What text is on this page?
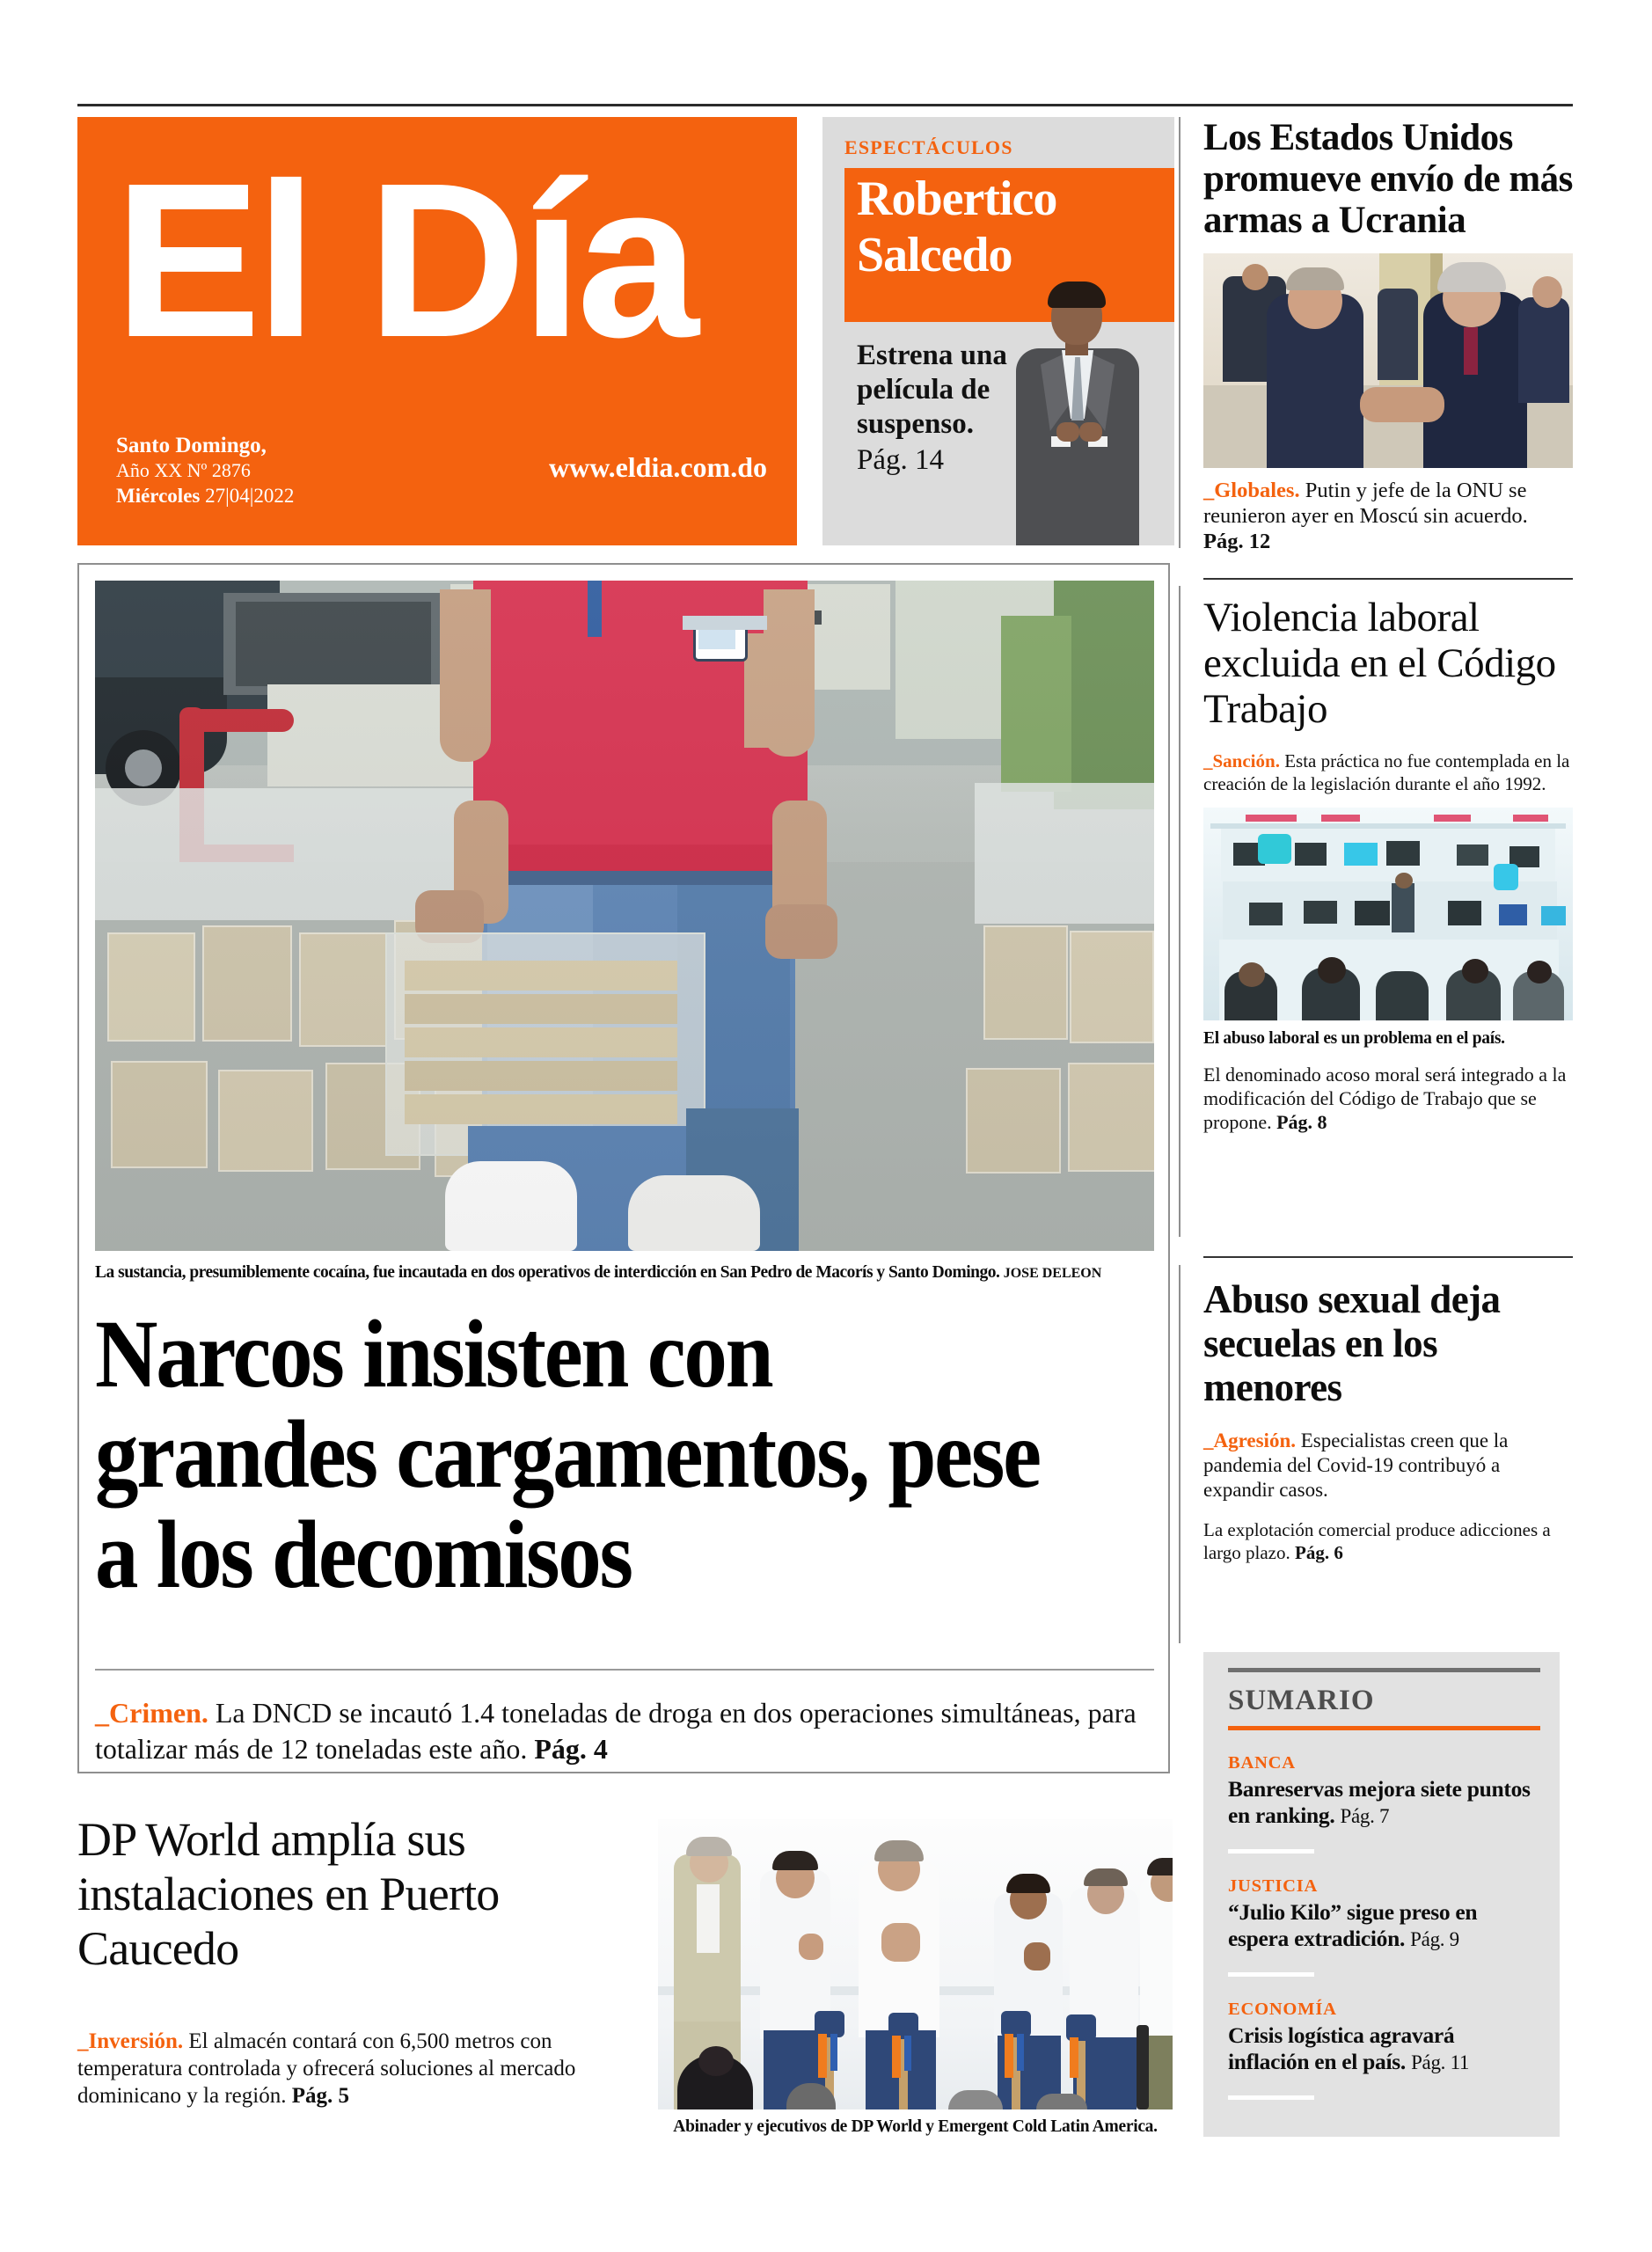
El Día
Santo Domingo,
Año XX Nº 2876
Miércoles 27|04|2022
www.eldia.com.do
ESPECTÁCULOS
Robertico
Salcedo
Estrena una película de suspenso.
Pág. 14
Los Estados Unidos promueve envío de más armas a Ucrania
_Globales. Putin y jefe de la ONU se reunieron ayer en Moscú sin acuerdo. Pág. 12
Violencia laboral excluida en el Código Trabajo
_Sanción. Esta práctica no fue contemplada en la creación de la legislación durante el año 1992.
El abuso laboral es un problema en el país.
El denominado acoso moral será integrado a la modificación del Código de Trabajo que se propone. Pág. 8
Abuso sexual deja secuelas en los menores
_Agresión. Especialistas creen que la pandemia del Covid-19 contribuyó a expandir casos.
La explotación comercial produce adicciones a largo plazo. Pág. 6
SUMARIO
BANCA
Banreservas mejora siete puntos en ranking. Pág. 7
JUSTICIA
“Julio Kilo” sigue preso en espera extradición. Pág. 9
ECONOMÍA
Crisis logística agravará inflación en el país. Pág. 11
La sustancia, presumiblemente cocaína, fue incautada en dos operativos de interdicción en San Pedro de Macorís y Santo Domingo. JOSE DELEON
Narcos insisten con grandes cargamentos, pese a los decomisos
_Crimen. La DNCD se incautó 1.4 toneladas de droga en dos operaciones simultáneas, para totalizar más de 12 toneladas este año. Pág. 4
DP World amplía sus instalaciones en Puerto Caucedo
_Inversión. El almacén contará con 6,500 metros con temperatura controlada y ofrecerá soluciones al mercado dominicano y la región. Pág. 5
Abinader y ejecutivos de DP World y Emergent Cold Latin America.
